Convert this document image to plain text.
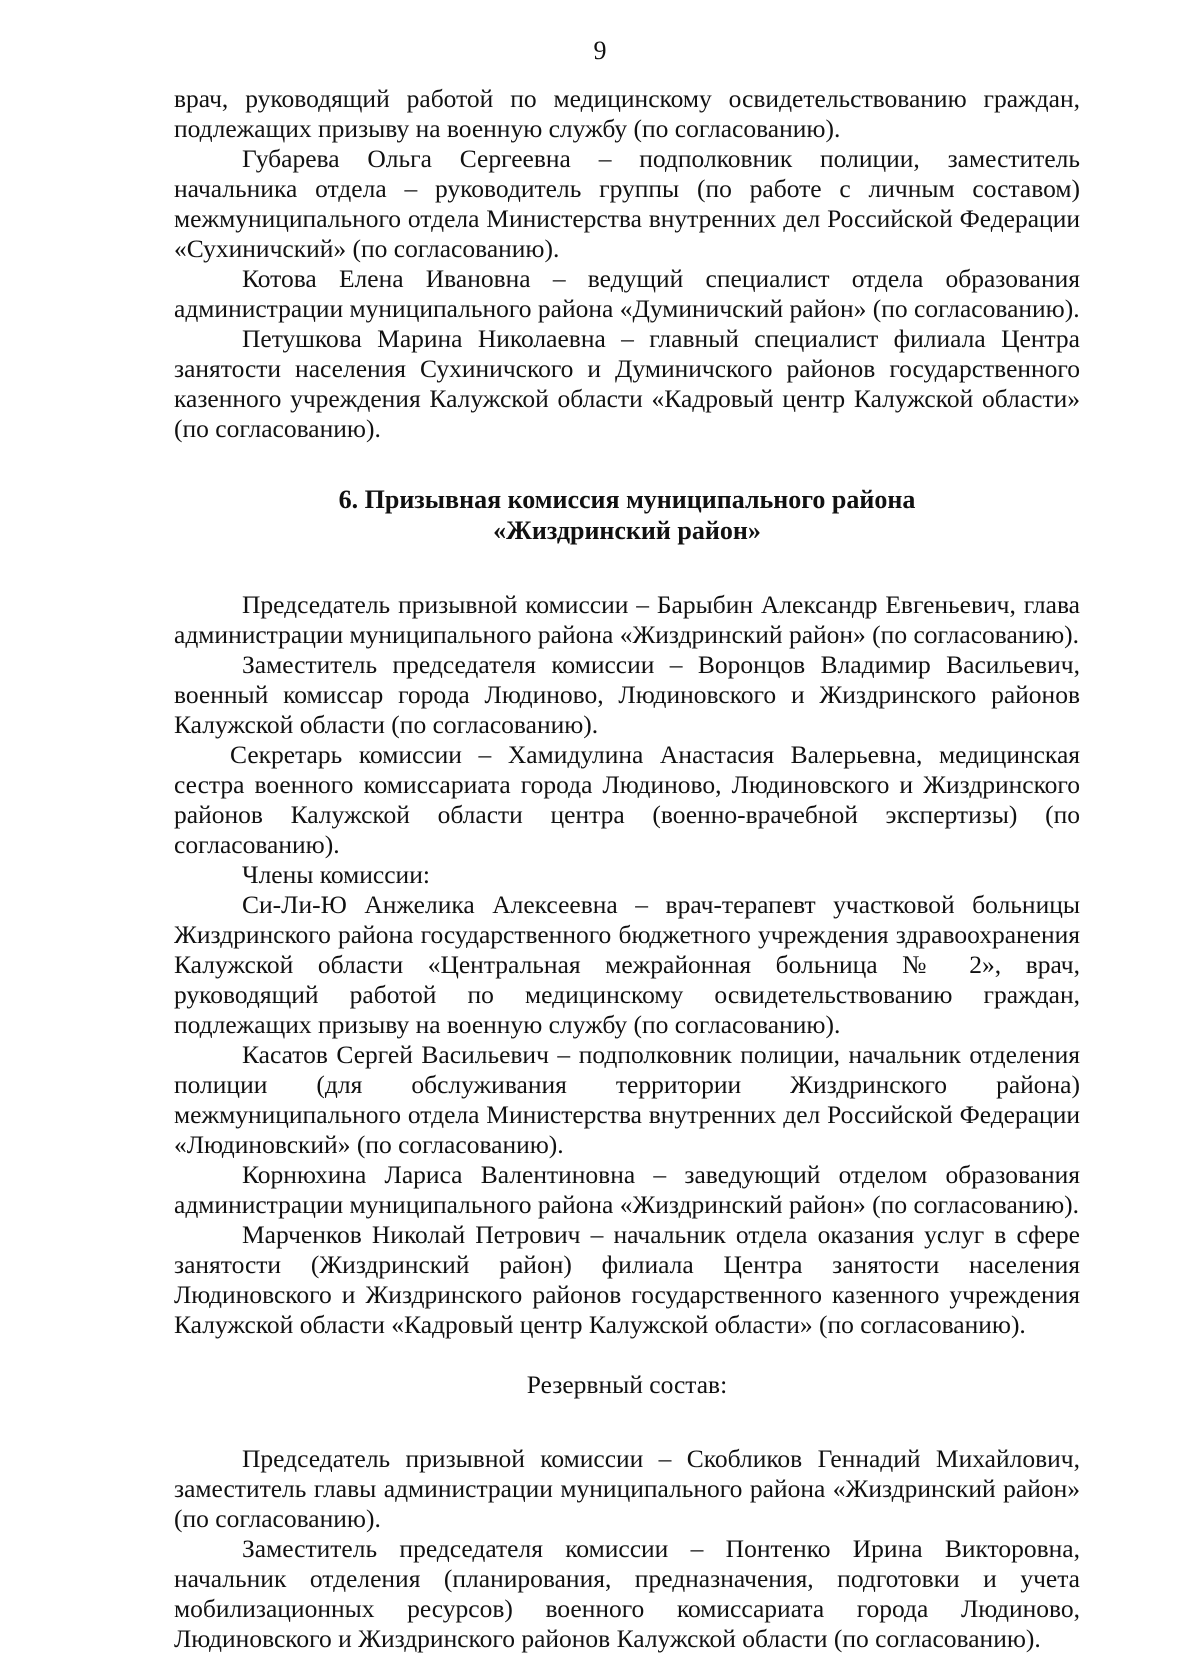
9

врач, руководящий работой по медицинскому освидетельствованию граждан, подлежащих призыву на военную службу (по согласованию).

Губарева Ольга Сергеевна – подполковник полиции, заместитель начальника отдела – руководитель группы (по работе с личным составом) межмуниципального отдела Министерства внутренних дел Российской Федерации «Сухиничский» (по согласованию).

Котова Елена Ивановна – ведущий специалист отдела образования администрации муниципального района «Думиничский район» (по согласованию).

Петушкова Марина Николаевна – главный специалист филиала Центра занятости населения Сухиничского и Думиничского районов государственного казенного учреждения Калужской области «Кадровый центр Калужской области» (по согласованию).

6. Призывная комиссия муниципального района

«Жиздринский район»

Председатель призывной комиссии – Барыбин Александр Евгеньевич, глава администрации муниципального района «Жиздринский район» (по согласованию).

Заместитель председателя комиссии – Воронцов Владимир Васильевич, военный комиссар города Людиново, Людиновского и Жиздринского районов Калужской области (по согласованию).

Секретарь комиссии – Хамидулина Анастасия Валерьевна, медицинская сестра военного комиссариата города Людиново, Людиновского и Жиздринского районов Калужской области центра (военно-врачебной экспертизы) (по согласованию).

Члены комиссии:

Си-Ли-Ю Анжелика Алексеевна – врач-терапевт участковой больницы Жиздринского района государственного бюджетного учреждения здравоохранения Калужской области «Центральная межрайонная больница № 2», врач, руководящий работой по медицинскому освидетельствованию граждан, подлежащих призыву на военную службу (по согласованию).

Касатов Сергей Васильевич – подполковник полиции, начальник отделения полиции (для обслуживания территории Жиздринского района) межмуниципального отдела Министерства внутренних дел Российской Федерации «Людиновский» (по согласованию).

Корнюхина Лариса Валентиновна – заведующий отделом образования администрации муниципального района «Жиздринский район» (по согласованию).

Марченков Николай Петрович – начальник отдела оказания услуг в сфере занятости (Жиздринский район) филиала Центра занятости населения Людиновского и Жиздринского районов государственного казенного учреждения Калужской области «Кадровый центр Калужской области» (по согласованию).

Резервный состав:

Председатель призывной комиссии – Скобликов Геннадий Михайлович, заместитель главы администрации муниципального района «Жиздринский район» (по согласованию).

Заместитель председателя комиссии – Понтенко Ирина Викторовна, начальник отделения (планирования, предназначения, подготовки и учета мобилизационных ресурсов) военного комиссариата города Людиново, Людиновского и Жиздринского районов Калужской области (по согласованию).
